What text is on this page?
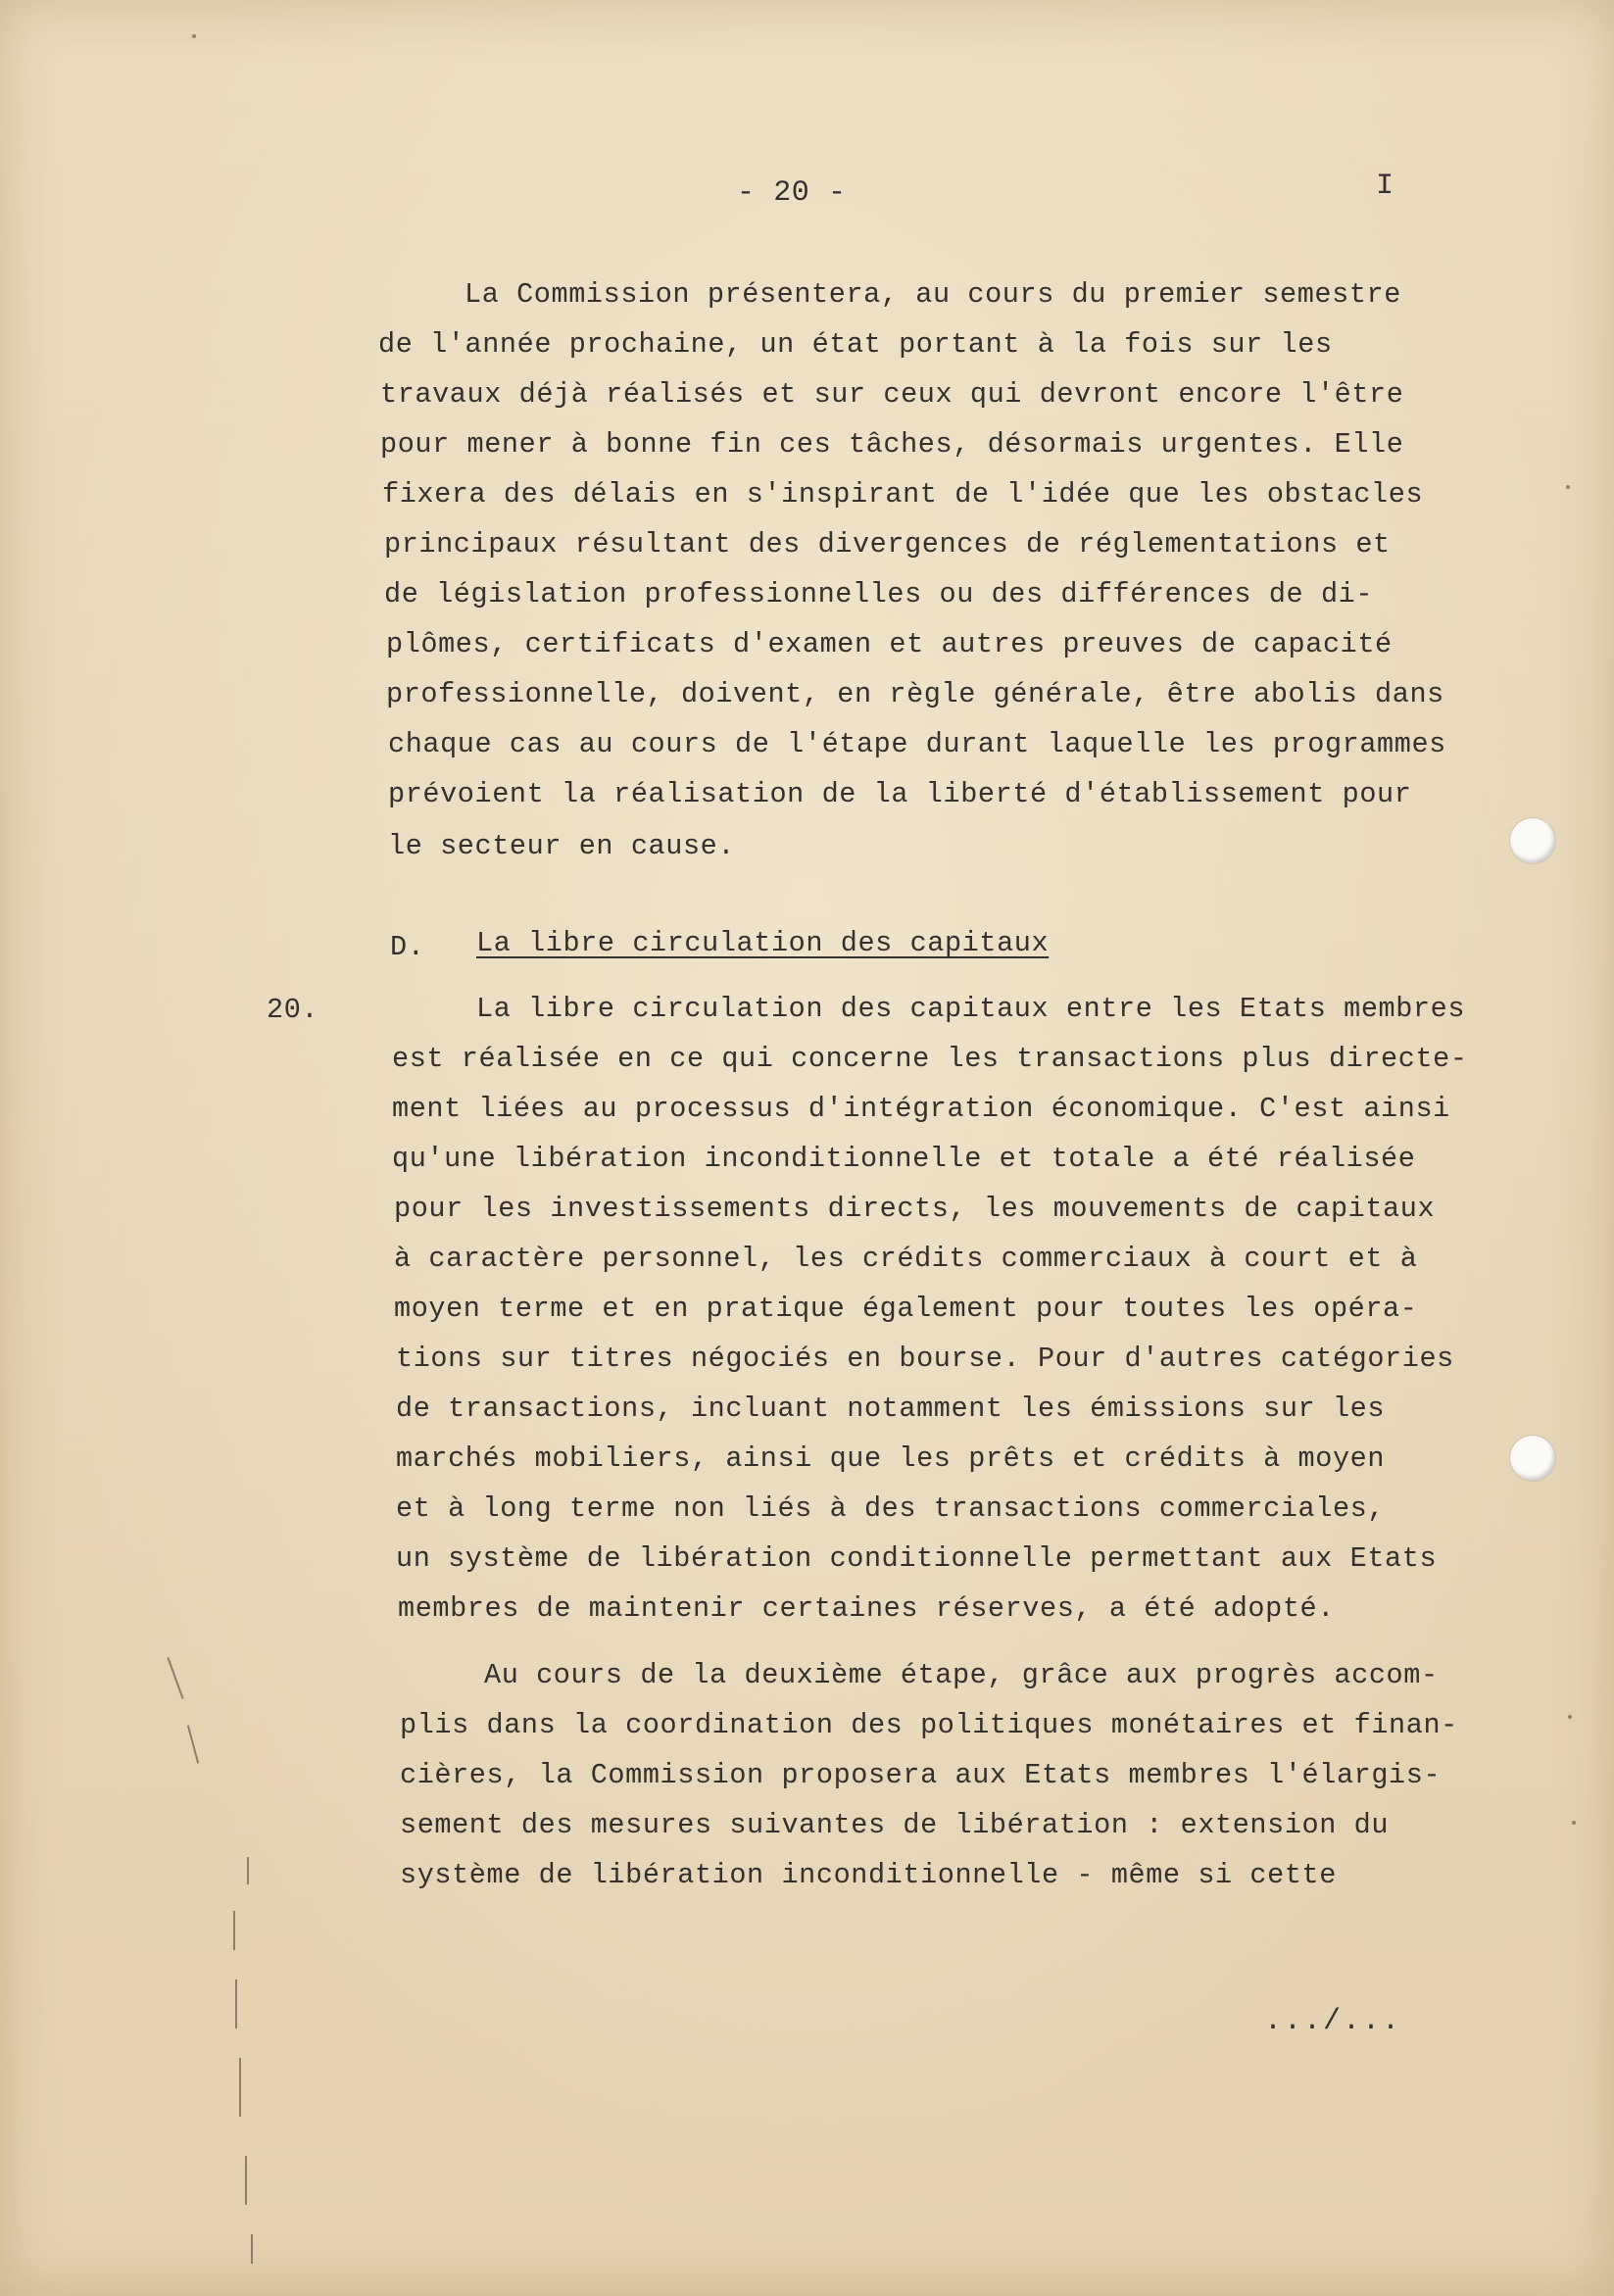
- 20 -	I
La Commission présentera, au cours du premier semestre
de l'année prochaine, un état portant à la fois sur les
travaux déjà réalisés et sur ceux qui devront encore l'être
pour mener à bonne fin ces tâches, désormais urgentes. Elle
fixera des délais en s'inspirant de l'idée que les obstacles
principaux résultant des divergences de réglementations et
de législation professionnelles ou des différences de di-
plômes, certificats d'examen et autres preuves de capacité
professionnelle, doivent, en règle générale, être abolis dans
chaque cas au cours de l'étape durant laquelle les programmes
prévoient la réalisation de la liberté d'établissement pour
le secteur en cause.
D. La libre circulation des capitaux
20.	La libre circulation des capitaux entre les Etats membres
est réalisée en ce qui concerne les transactions plus directe-
ment liées au processus d'intégration économique. C'est ainsi
qu'une libération inconditionnelle et totale a été réalisée
pour les investissements directs, les mouvements de capitaux
à caractère personnel, les crédits commerciaux à court et à
moyen terme et en pratique également pour toutes les opéra-
tions sur titres négociés en bourse. Pour d'autres catégories
de transactions, incluant notamment les émissions sur les
marchés mobiliers, ainsi que les prêts et crédits à moyen
et à long terme non liés à des transactions commerciales,
un système de libération conditionnelle permettant aux Etats
membres de maintenir certaines réserves, a été adopté.
Au cours de la deuxième étape, grâce aux progrès accom-
plis dans la coordination des politiques monétaires et finan-
cières, la Commission proposera aux Etats membres l'élargis-
sement des mesures suivantes de libération : extension du
système de libération inconditionnelle - même si cette
.../...
